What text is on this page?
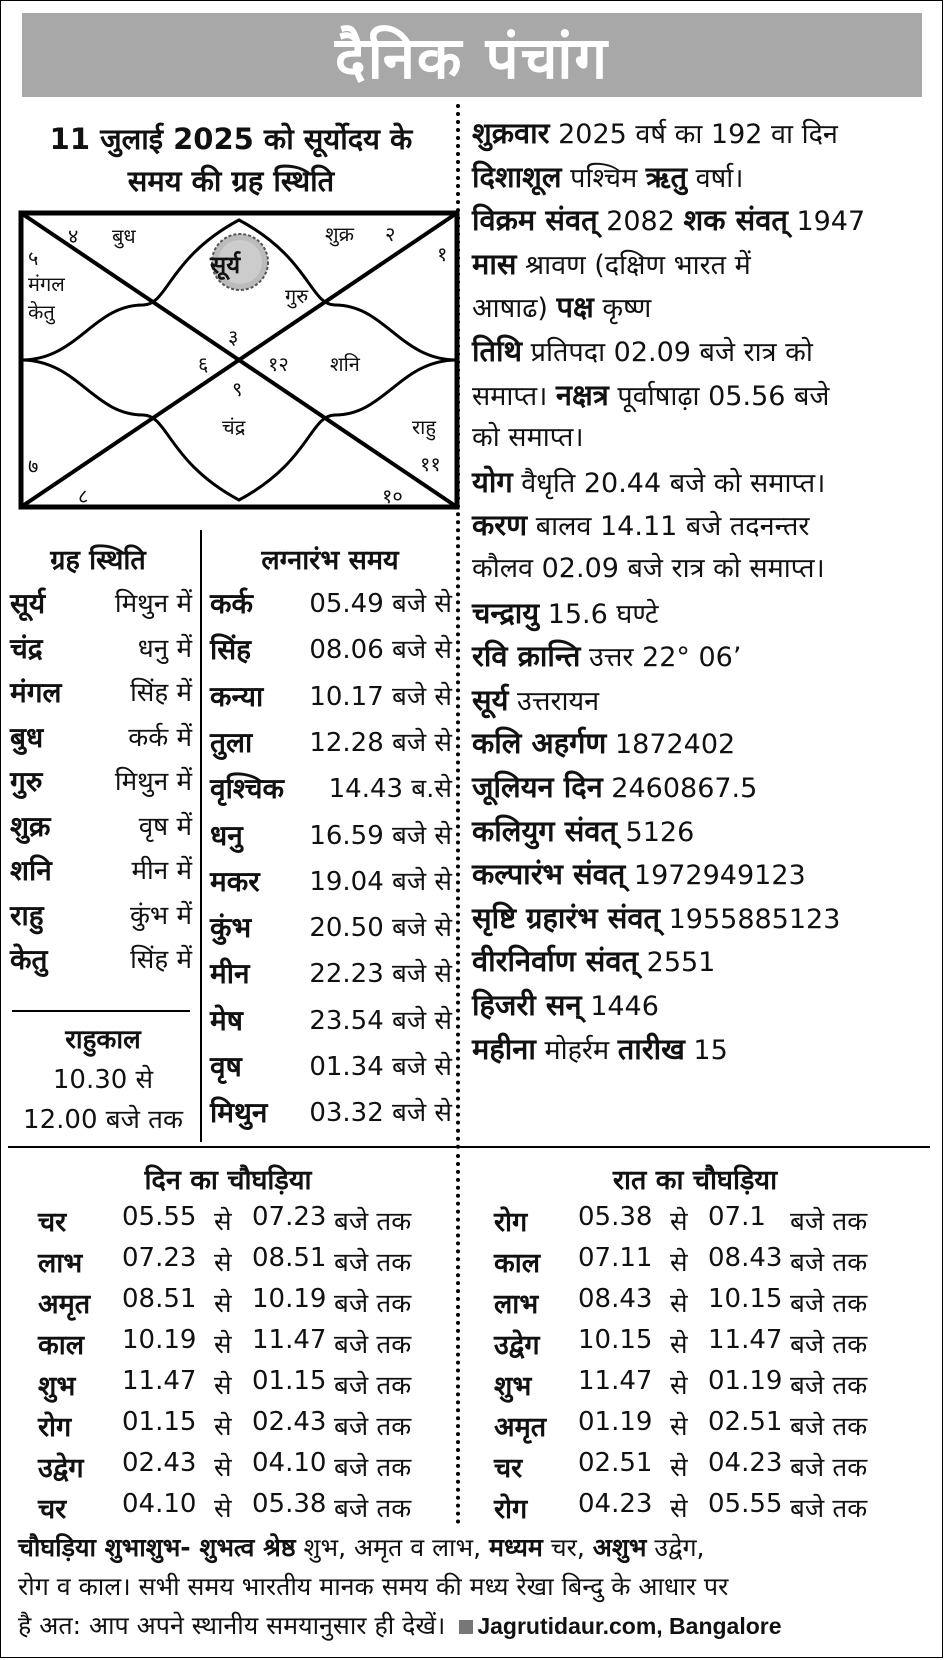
दैनिक पंचांग
11 जुलाई 2025 को सूर्योदय के
समय की ग्रह स्थिति
४ बुध	शुक्र २
१
५
मंगल
केतु
सूर्य
गुरु
३
६	१२ शनि
९
चंद्र	राहु
११
७
८	१०
शुक्रवार 2025 वर्ष का 192 वा दिन
दिशाशूल पश्चिम ऋतु वर्षा।
विक्रम संवत् 2082 शक संवत् 1947
मास श्रावण (दक्षिण भारत में
आषाढ) पक्ष कृष्ण
तिथि प्रतिपदा 02.09 बजे रात्र को
समाप्त। नक्षत्र पूर्वाषाढ़ा 05.56 बजे
को समाप्त।
योग वैधृति 20.44 बजे को समाप्त।
करण बालव 14.11 बजे तदनन्तर
कौलव 02.09 बजे रात्र को समाप्त।
चन्द्रायु 15.6 घण्टे
रवि क्रान्ति उत्तर 22° 06’
सूर्य उत्तरायन
कलि अहर्गण 1872402
जूलियन दिन 2460867.5
कलियुग संवत् 5126
कल्पारंभ संवत् 1972949123
सृष्टि ग्रहारंभ संवत् 1955885123
वीरनिर्वाण संवत् 2551
हिजरी सन् 1446
महीना मोहर्रम तारीख 15
ग्रह स्थिति
सूर्य	मिथुन में
चंद्र	धनु में
मंगल	सिंह में
बुध	कर्क में
गुरु	मिथुन में
शुक्र	वृष में
शनि	मीन में
राहु	कुंभ में
केतु	सिंह में
राहुकाल
10.30 से
12.00 बजे तक
लग्नारंभ समय
कर्क 05.49 बजे से
सिंह 08.06 बजे से
कन्या 10.17 बजे से
तुला 12.28 बजे से
वृश्चिक 14.43 ब.से
धनु	16.59 बजे से
मकर 19.04 बजे से
कुंभ 20.50 बजे से
मीन 22.23 बजे से
मेष	23.54 बजे से
वृष	01.34 बजे से
मिथुन 03.32 बजे से
दिन का चौघड़िया	रात का चौघड़िया
चर 05.55 से 07.23 बजे तक
लाभ 07.23 से 08.51 बजे तक
अमृत 08.51 से 10.19 बजे तक
काल 10.19 से 11.47 बजे तक
शुभ 11.47 से 01.15 बजे तक
रोग 01.15 से 02.43 बजे तक
उद्वेग 02.43 से 04.10 बजे तक
चर 04.10 से 05.38 बजे तक
रोग 05.38 से 07.1 बजे तक
काल 07.11 से 08.43 बजे तक
लाभ 08.43 से 10.15 बजे तक
उद्वेग 10.15 से 11.47 बजे तक
शुभ 11.47 से 01.19 बजे तक
अमृत 01.19 से 02.51 बजे तक
चर 02.51 से 04.23 बजे तक
रोग 04.23 से 05.55 बजे तक
चौघड़िया शुभाशुभ- शुभत्व श्रेष्ठ शुभ, अमृत व लाभ, मध्यम चर, अशुभ उद्वेग,
रोग व काल। सभी समय भारतीय मानक समय की मध्य रेखा बिन्दु के आधार पर
है अत: आप अपने स्थानीय समयानुसार ही देखें। Jagrutidaur.com, Bangalore
